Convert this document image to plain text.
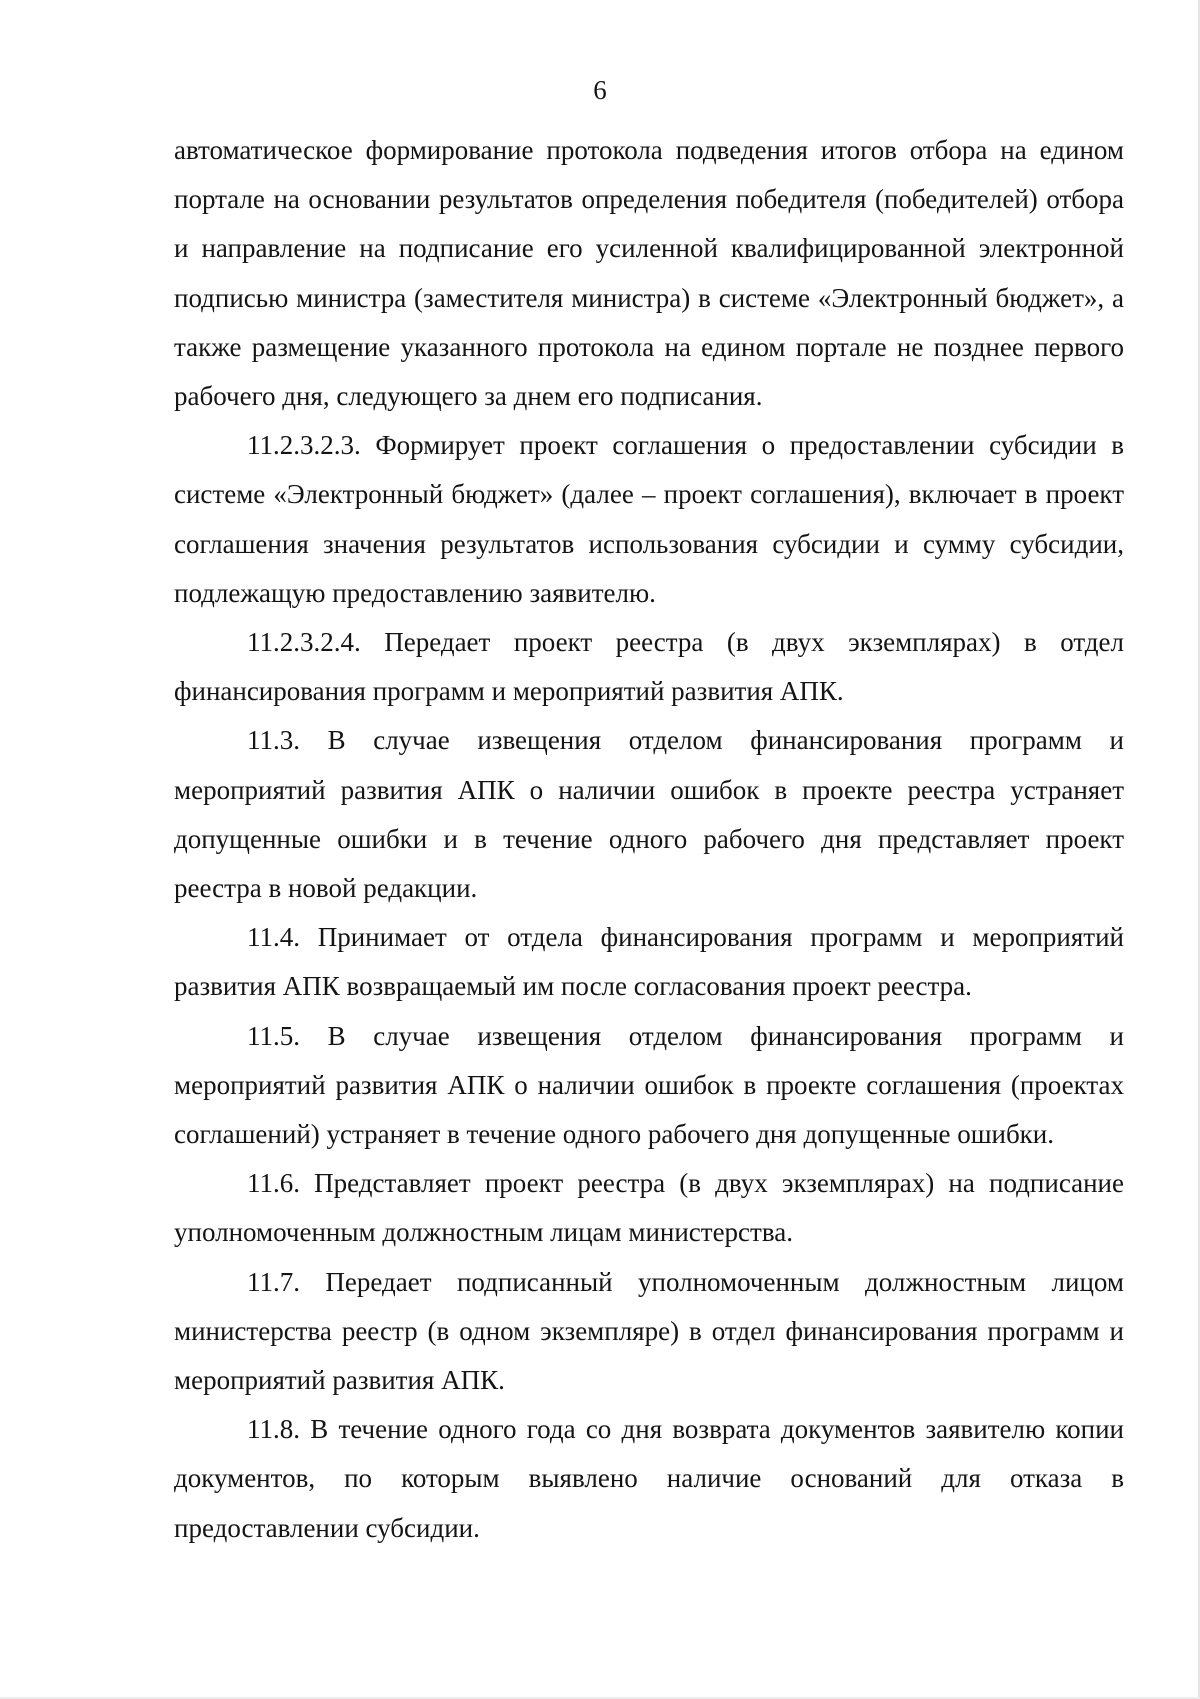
6

автоматическое формирование протокола подведения итогов отбора на едином портале на основании результатов определения победителя (победителей) отбора и направление на подписание его усиленной квалифицированной электронной подписью министра (заместителя министра) в системе «Электронный бюджет», а также размещение указанного протокола на едином портале не позднее первого рабочего дня, следующего за днем его подписания.

11.2.3.2.3. Формирует проект соглашения о предоставлении субсидии в системе «Электронный бюджет» (далее – проект соглашения), включает в проект соглашения значения результатов использования субсидии и сумму субсидии, подлежащую предоставлению заявителю.

11.2.3.2.4. Передает проект реестра (в двух экземплярах) в отдел финансирования программ и мероприятий развития АПК.

11.3. В случае извещения отделом финансирования программ и мероприятий развития АПК о наличии ошибок в проекте реестра устраняет допущенные ошибки и в течение одного рабочего дня представляет проект реестра в новой редакции.

11.4. Принимает от отдела финансирования программ и мероприятий развития АПК возвращаемый им после согласования проект реестра.

11.5. В случае извещения отделом финансирования программ и мероприятий развития АПК о наличии ошибок в проекте соглашения (проектах соглашений) устраняет в течение одного рабочего дня допущенные ошибки.

11.6. Представляет проект реестра (в двух экземплярах) на подписание уполномоченным должностным лицам министерства.

11.7. Передает подписанный уполномоченным должностным лицом министерства реестр (в одном экземпляре) в отдел финансирования программ и мероприятий развития АПК.

11.8. В течение одного года со дня возврата документов заявителю копии документов, по которым выявлено наличие оснований для отказа в предоставлении субсидии.
